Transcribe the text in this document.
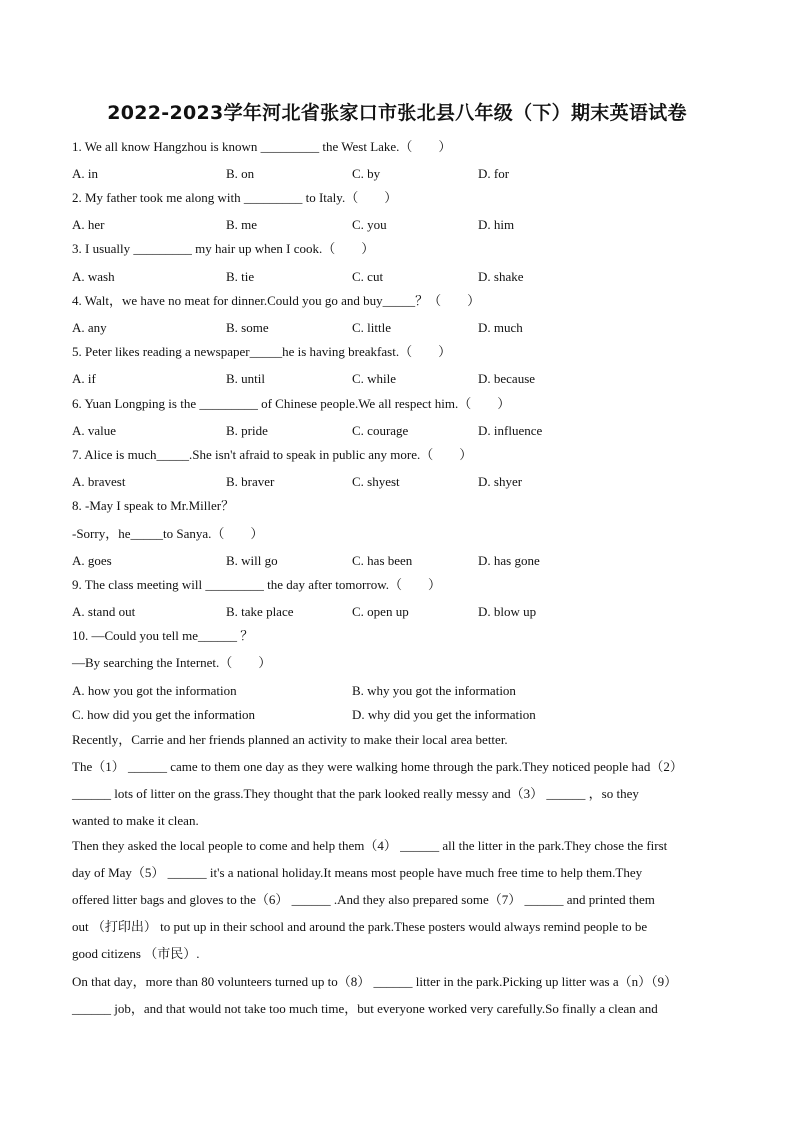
2022-2023学年河北省张家口市张北县八年级（下）期末英语试卷
1. We all know Hangzhou is known _________ the West Lake.（　　）
A. in	B. on	C. by	D. for
2. My father took me along with _________ to Italy.（　　）
A. her	B. me	C. you	D. him
3. I usually _________ my hair up when I cook.（　　）
A. wash	B. tie	C. cut	D. shake
4. Walt，we have no meat for dinner.Could you go and buy_____？（　　）
A. any	B. some	C. little	D. much
5. Peter likes reading a newspaper_____he is having breakfast.（　　）
A. if	B. until	C. while	D. because
6. Yuan Longping is the _________ of Chinese people.We all respect him.（　　）
A. value	B. pride	C. courage	D. influence
7. Alice is much_____.She isn't afraid to speak in public any more.（　　）
A. bravest	B. braver	C. shyest	D. shyer
8. -May I speak to Mr.Miller？
-Sorry，he_____to Sanya.（　　）
A. goes	B. will go	C. has been	D. has gone
9. The class meeting will _________ the day after tomorrow.（　　）
A. stand out	B. take place	C. open up	D. blow up
10. —Could you tell me______ ？
—By searching the Internet.（　　）
A. how you got the information	B. why you got the information
C. how did you get the information	D. why did you get the information
Recently，Carrie and her friends planned an activity to make their local area better.
The（1） ______ came to them one day as they were walking home through the park.They noticed people had（2）
______ lots of litter on the grass.They thought that the park looked really messy and（3） ______ ，so they
wanted to make it clean.
Then they asked the local people to come and help them（4） ______ all the litter in the park.They chose the first
day of May（5） ______ it's a national holiday.It means most people have much free time to help them.They
offered litter bags and gloves to the（6） ______ .And they also prepared some（7） ______ and printed them
out （打印出） to put up in their school and around the park.These posters would always remind people to be
good citizens （市民）.
On that day，more than 80 volunteers turned up to（8） ______ litter in the park.Picking up litter was a（n）（9）
______ job，and that would not take too much time，but everyone worked very carefully.So finally a clean and
